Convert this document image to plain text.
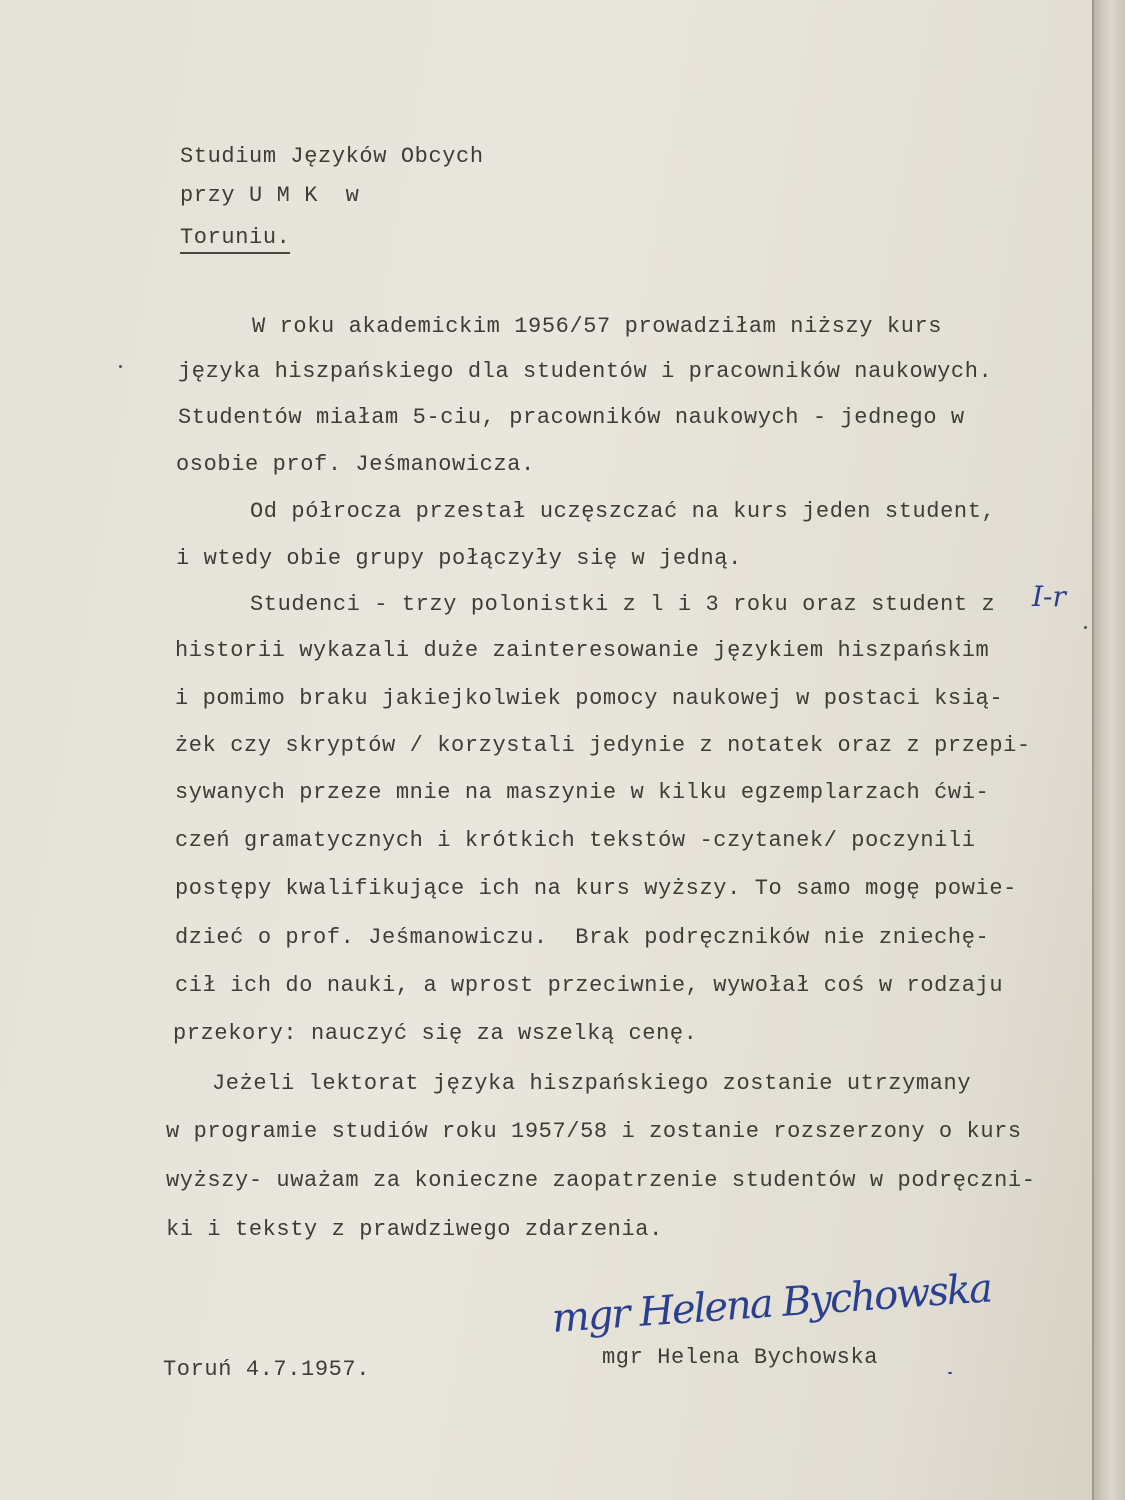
Studium Języków Obcych
przy U M K  w
Toruniu.
W roku akademickim 1956/57 prowadziłam niższy kurs
języka hiszpańskiego dla studentów i pracowników naukowych.
Studentów miałam 5-ciu, pracowników naukowych - jednego w
osobie prof. Jeśmanowicza.
Od półrocza przestał uczęszczać na kurs jeden student,
i wtedy obie grupy połączyły się w jedną.
Studenci - trzy polonistki z l i 3 roku oraz student z
historii wykazali duże zainteresowanie językiem hiszpańskim
i pomimo braku jakiejkolwiek pomocy naukowej w postaci ksią-
żek czy skryptów / korzystali jedynie z notatek oraz z przepi-
sywanych przeze mnie na maszynie w kilku egzemplarzach ćwi-
czeń gramatycznych i krótkich tekstów -czytanek/ poczynili
postępy kwalifikujące ich na kurs wyższy. To samo mogę powie-
dzieć o prof. Jeśmanowiczu.  Brak podręczników nie zniechę-
cił ich do nauki, a wprost przeciwnie, wywołał coś w rodzaju
przekory: nauczyć się za wszelką cenę.
Jeżeli lektorat języka hiszpańskiego zostanie utrzymany
w programie studiów roku 1957/58 i zostanie rozszerzony o kurs
wyższy- uważam za konieczne zaopatrzenie studentów w podręczni-
ki i teksty z prawdziwego zdarzenia.
I-r
mgr Helena Bychowska
Toruń 4.7.1957.	mgr Helena Bychowska
